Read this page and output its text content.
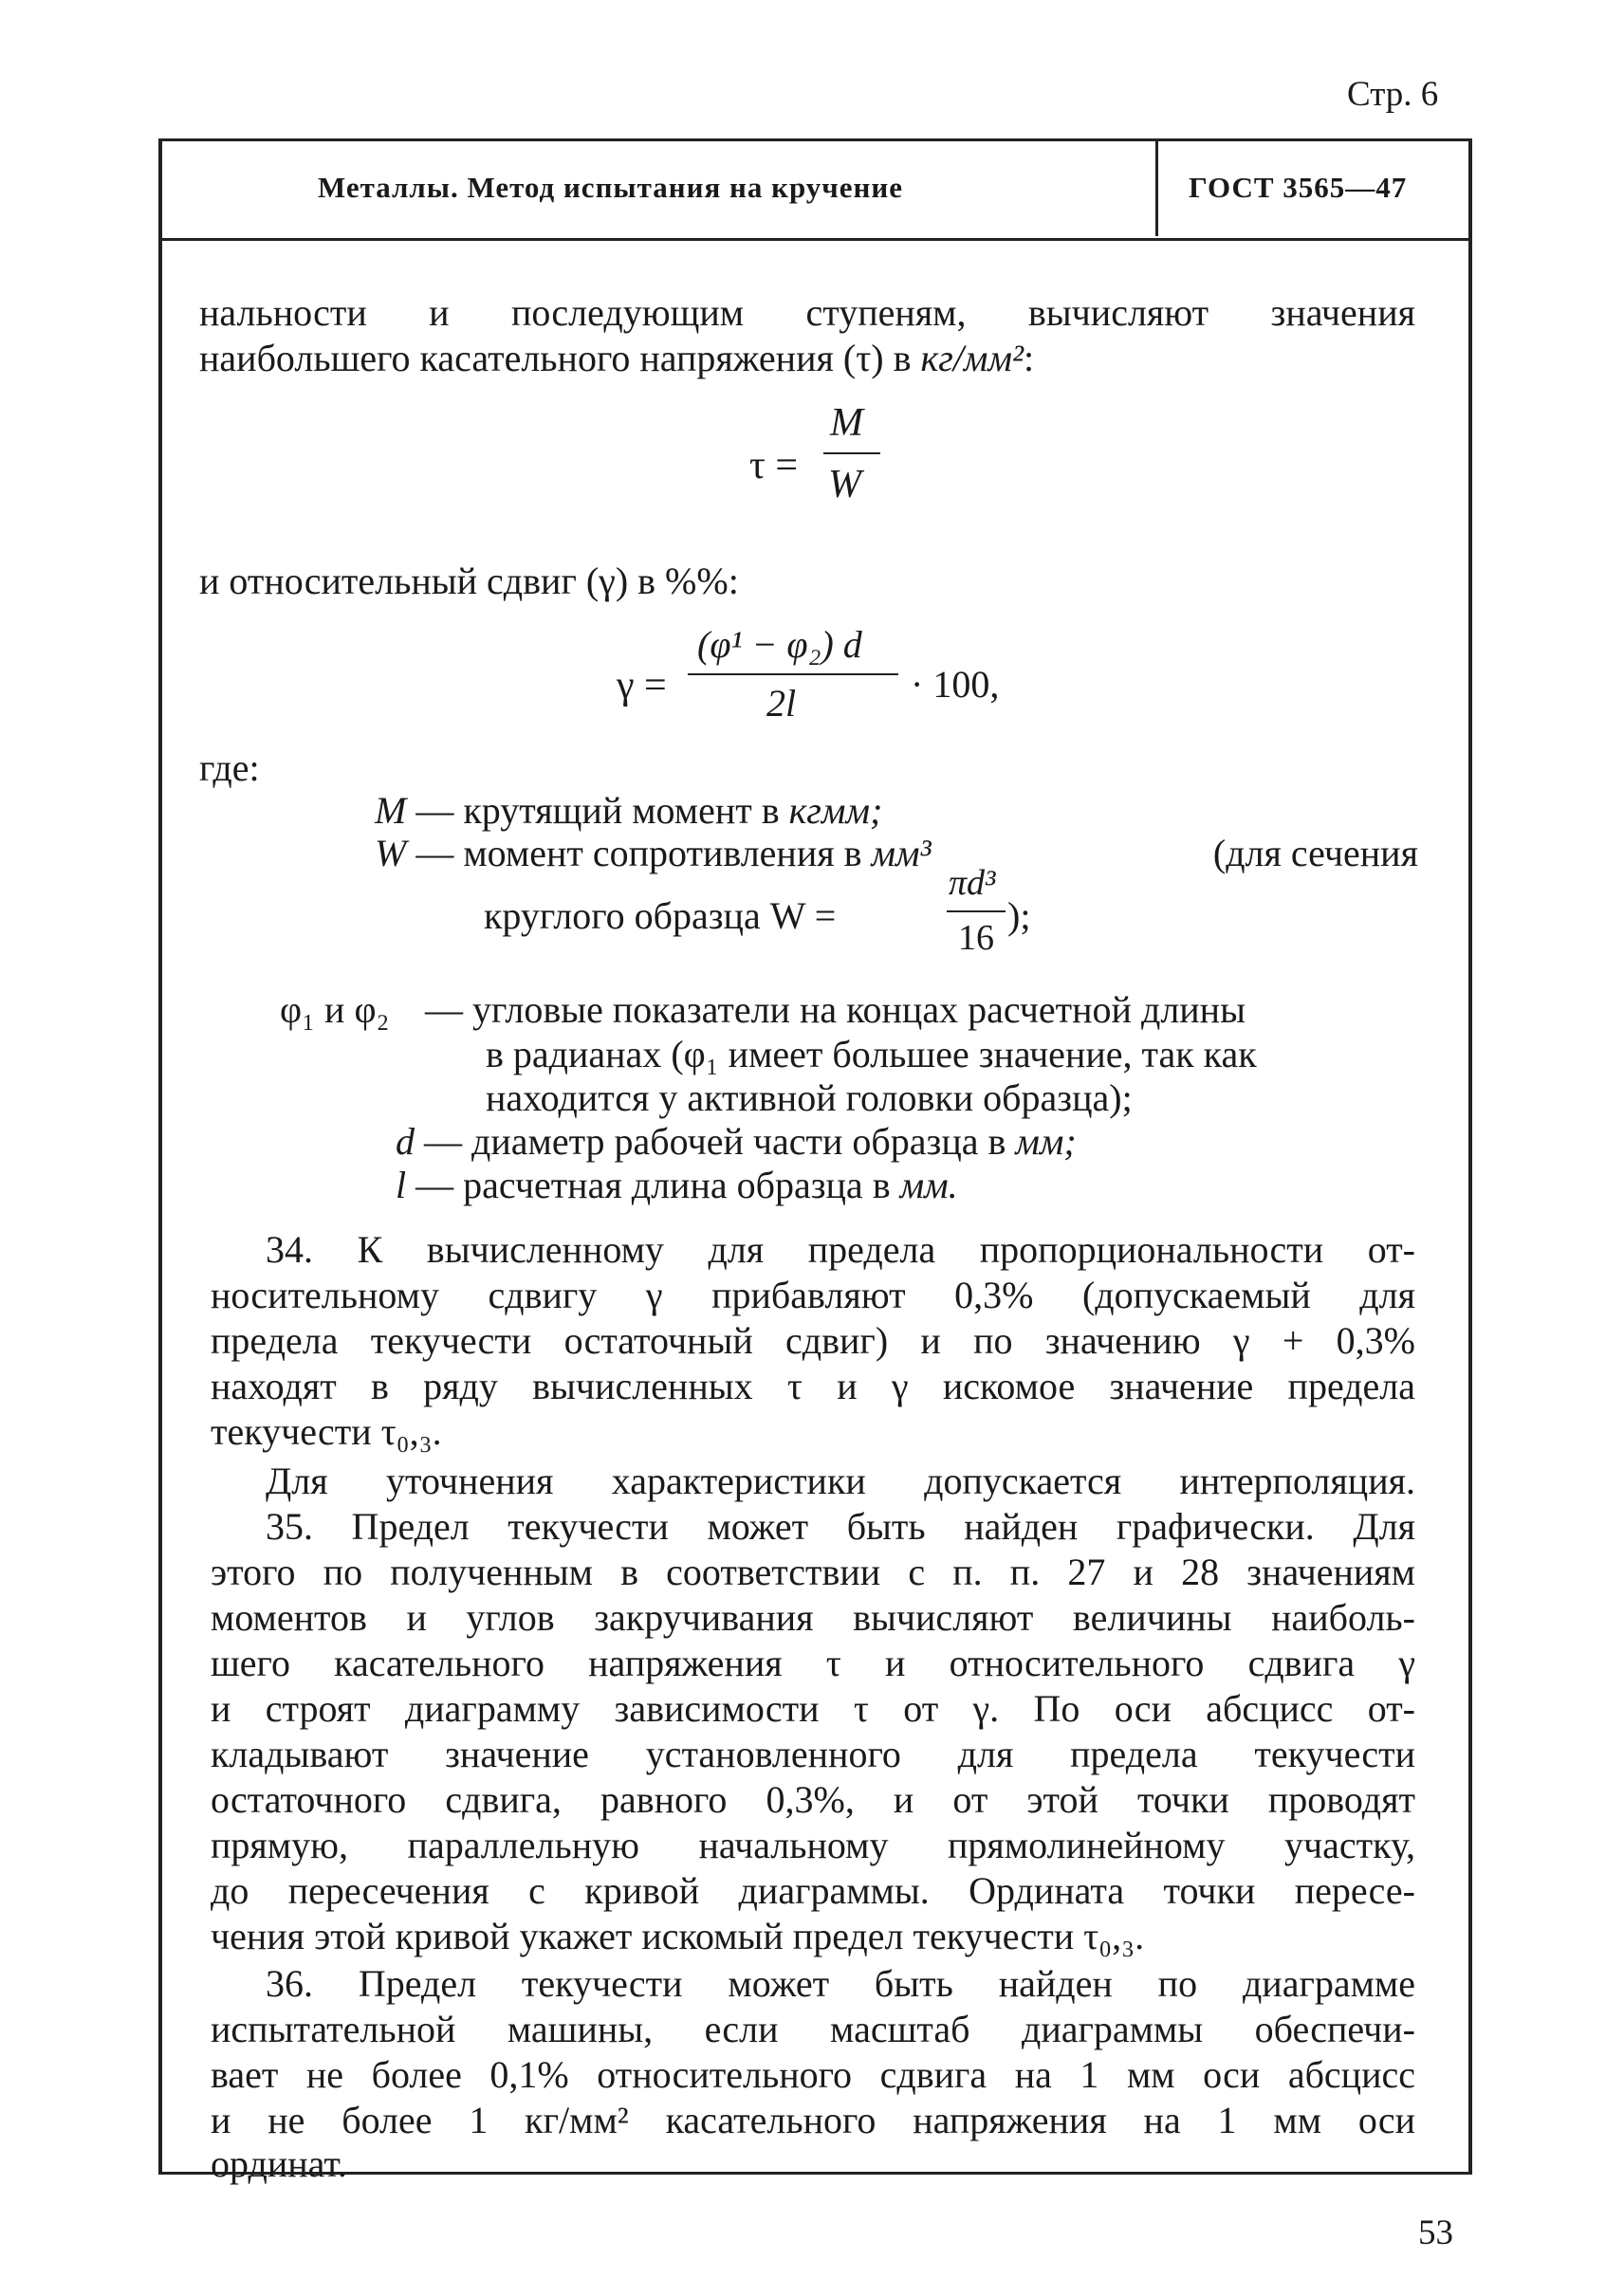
Стр. 6
Металлы. Метод испытания на кручение	ГОСТ 3565—47
нальности и последующим ступеням, вычисляют значения
наибольшего касательного напряжения (τ) в кг/мм²:
τ =
M
W
и относительный сдвиг (γ) в %%:
γ =
(φ¹ − φ₂) d
2l	· 100,
где:
M — крутящий момент в кгмм;
W — момент сопротивления в мм³	(для сечения
круглого образца W =
πd³
16
);
φ₁ и φ₂ — угловые показатели на концах расчетной длины
в радианах (φ₁ имеет большее значение, так как
находится у активной головки образца);
d — диаметр рабочей части образца в мм;
l — расчетная длина образца в мм.
34. К вычисленному для предела пропорциональности от-
носительному сдвигу γ прибавляют 0,3% (допускаемый для
предела текучести остаточный сдвиг) и по значению γ + 0,3%
находят в ряду вычисленных τ и γ искомое значение предела
текучести τ₀,₃.
Для уточнения характеристики допускается интерполяция.
35. Предел текучести может быть найден графически. Для
этого по полученным в соответствии с п. п. 27 и 28 значениям
моментов и углов закручивания вычисляют величины наиболь-
шего касательного напряжения τ и относительного сдвига γ
и строят диаграмму зависимости τ от γ. По оси абсцисс от-
кладывают значение установленного для предела текучести
остаточного сдвига, равного 0,3%, и от этой точки проводят
прямую, параллельную начальному прямолинейному участку,
до пересечения с кривой диаграммы. Ордината точки пересе-
чения этой кривой укажет искомый предел текучести τ₀,₃.
36. Предел текучести может быть найден по диаграмме
испытательной машины, если масштаб диаграммы обеспечи-
вает не более 0,1% относительного сдвига на 1 мм оси абсцисс
и не более 1 кг/мм² касательного напряжения на 1 мм оси
ординат.
53
